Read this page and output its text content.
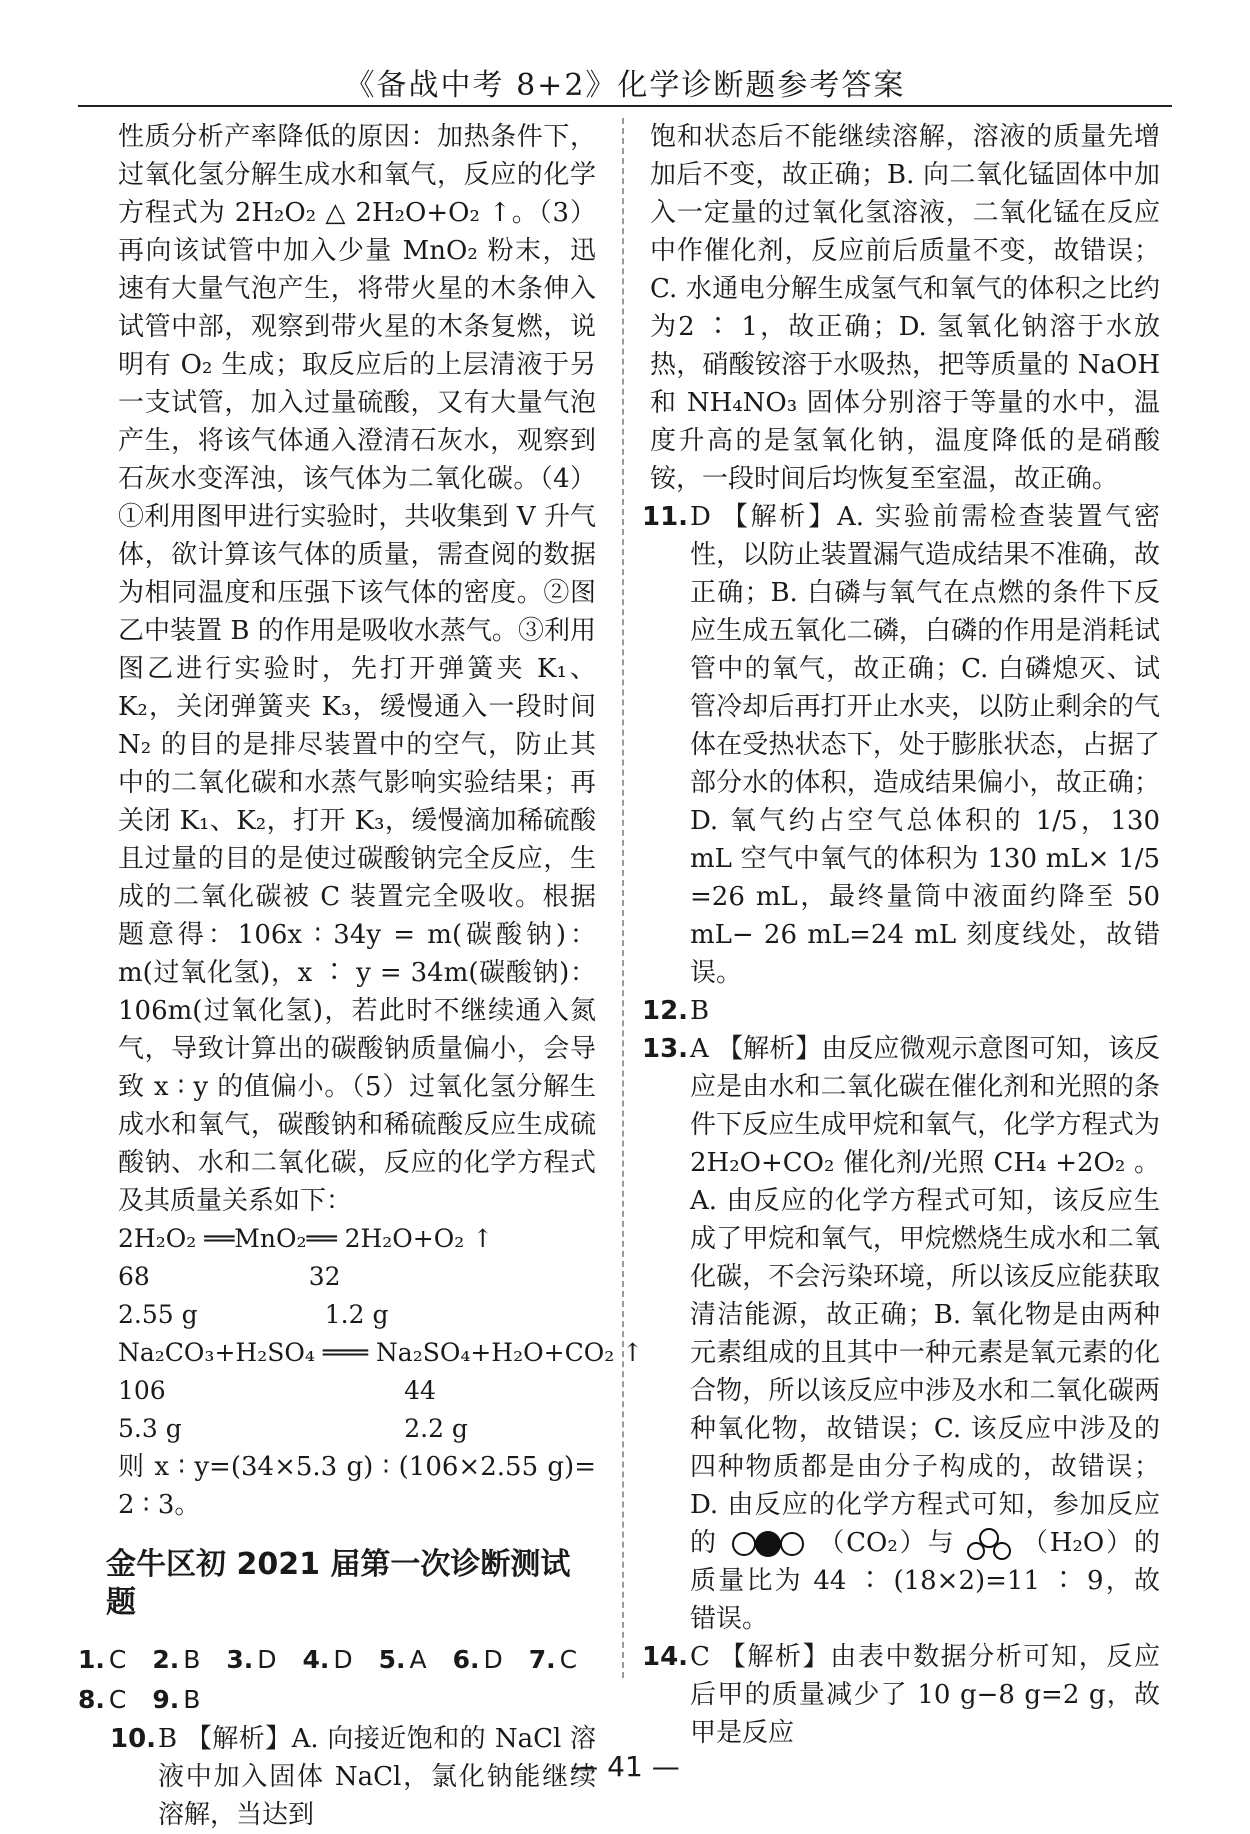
《备战中考 8+2》化学诊断题参考答案

性质分析产率降低的原因：加热条件下，过氧化氢分解生成水和氧气，反应的化学方程式为 2H₂O₂ △ 2H₂O+O₂ ↑。（3）再向该试管中加入少量 MnO₂ 粉末，迅速有大量气泡产生，将带火星的木条伸入试管中部，观察到带火星的木条复燃，说明有 O₂ 生成；取反应后的上层清液于另一支试管，加入过量硫酸，又有大量气泡产生，将该气体通入澄清石灰水，观察到石灰水变浑浊，该气体为二氧化碳。（4）①利用图甲进行实验时，共收集到 V 升气体，欲计算该气体的质量，需查阅的数据为相同温度和压强下该气体的密度。②图乙中装置 B 的作用是吸收水蒸气。③利用图乙进行实验时，先打开弹簧夹 K₁、K₂，关闭弹簧夹 K₃，缓慢通入一段时间 N₂ 的目的是排尽装置中的空气，防止其中的二氧化碳和水蒸气影响实验结果；再关闭 K₁、K₂，打开 K₃，缓慢滴加稀硫酸且过量的目的是使过碳酸钠完全反应，生成的二氧化碳被 C 装置完全吸收。根据题意得：106x ∶ 34y = m(碳酸钠)：m(过氧化氢)，x ∶ y = 34m(碳酸钠)：106m(过氧化氢)，若此时不继续通入氮气，导致计算出的碳酸钠质量偏小，会导致 x ∶ y 的值偏小。（5）过氧化氢分解生成水和氧气，碳酸钠和稀硫酸反应生成硫酸钠、水和二氧化碳，反应的化学方程式及其质量关系如下：

2H₂O₂ ══MnO₂══ 2H₂O+O₂ ↑

68                    32

2.55 g                1.2 g

Na₂CO₃+H₂SO₄ ═══ Na₂SO₄+H₂O+CO₂ ↑

106                              44

5.3 g                            2.2 g

则 x ∶ y=(34×5.3 g) ∶ (106×2.55 g)= 2 ∶ 3。

金牛区初 2021 届第一次诊断测试题

1. C 2. B 3. D 4. D 5. A 6. D 7. C
8. C 9. B

10. B 【解析】A. 向接近饱和的 NaCl 溶液中加入固体 NaCl，氯化钠能继续溶解，当达到

饱和状态后不能继续溶解，溶液的质量先增加后不变，故正确；B. 向二氧化锰固体中加入一定量的过氧化氢溶液，二氧化锰在反应中作催化剂，反应前后质量不变，故错误；C. 水通电分解生成氢气和氧气的体积之比约为2 ∶ 1，故正确；D. 氢氧化钠溶于水放热，硝酸铵溶于水吸热，把等质量的 NaOH 和 NH₄NO₃ 固体分别溶于等量的水中，温度升高的是氢氧化钠，温度降低的是硝酸铵，一段时间后均恢复至室温，故正确。

11. D 【解析】A. 实验前需检查装置气密性，以防止装置漏气造成结果不准确，故正确；B. 白磷与氧气在点燃的条件下反应生成五氧化二磷，白磷的作用是消耗试管中的氧气，故正确；C. 白磷熄灭、试管冷却后再打开止水夹，以防止剩余的气体在受热状态下，处于膨胀状态，占据了部分水的体积，造成结果偏小，故正确；D. 氧气约占空气总体积的 1/5，130 mL 空气中氧气的体积为 130 mL× 1/5 =26 mL，最终量筒中液面约降至 50 mL− 26 mL=24 mL 刻度线处，故错误。

12. B

13. A 【解析】由反应微观示意图可知，该反应是由水和二氧化碳在催化剂和光照的条件下反应生成甲烷和氧气，化学方程式为 2H₂O+CO₂ 催化剂/光照 CH₄ +2O₂ 。A. 由反应的化学方程式可知，该反应生成了甲烷和氧气，甲烷燃烧生成水和二氧化碳，不会污染环境，所以该反应能获取清洁能源，故正确；B. 氧化物是由两种元素组成的且其中一种元素是氧元素的化合物，所以该反应中涉及水和二氧化碳两种氧化物，故错误；C. 该反应中涉及的四种物质都是由分子构成的，故错误；D. 由反应的化学方程式可知，参加反应的	（CO₂）与	（H₂O）的质量比为 44 ∶ (18×2)=11 ∶ 9，故错误。

14. C 【解析】由表中数据分析可知，反应后甲的质量减少了 10 g−8 g=2 g，故甲是反应

— 41 —
